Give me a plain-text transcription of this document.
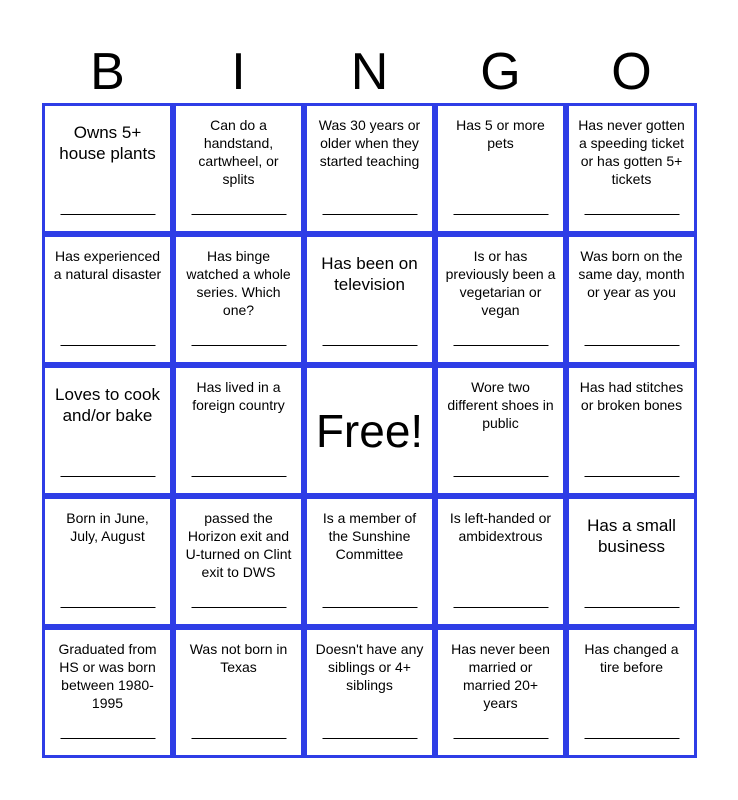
B	I	N	G	O
Owns 5+ house plants
Can do a handstand, cartwheel, or splits
Was 30 years or older when they started teaching
Has 5 or more pets
Has never gotten a speeding ticket or has gotten 5+ tickets
Has experienced a natural disaster
Has binge watched a whole series. Which one?
Has been on television
Is or has previously been a vegetarian or vegan
Was born on the same day, month or year as you
Loves to cook and/or bake
Has lived in a foreign country Free!
Wore two different shoes in public
Has had stitches or broken bones
Born in June, July, August
passed the Horizon exit and U-turned on Clint exit to DWS
Is a member of the Sunshine Committee
Is left-handed or ambidextrous
Has a small business
Graduated from HS or was born between 1980-1995
Was not born in Texas
Doesn't have any siblings or 4+ siblings
Has never been married or married 20+ years
Has changed a tire before
